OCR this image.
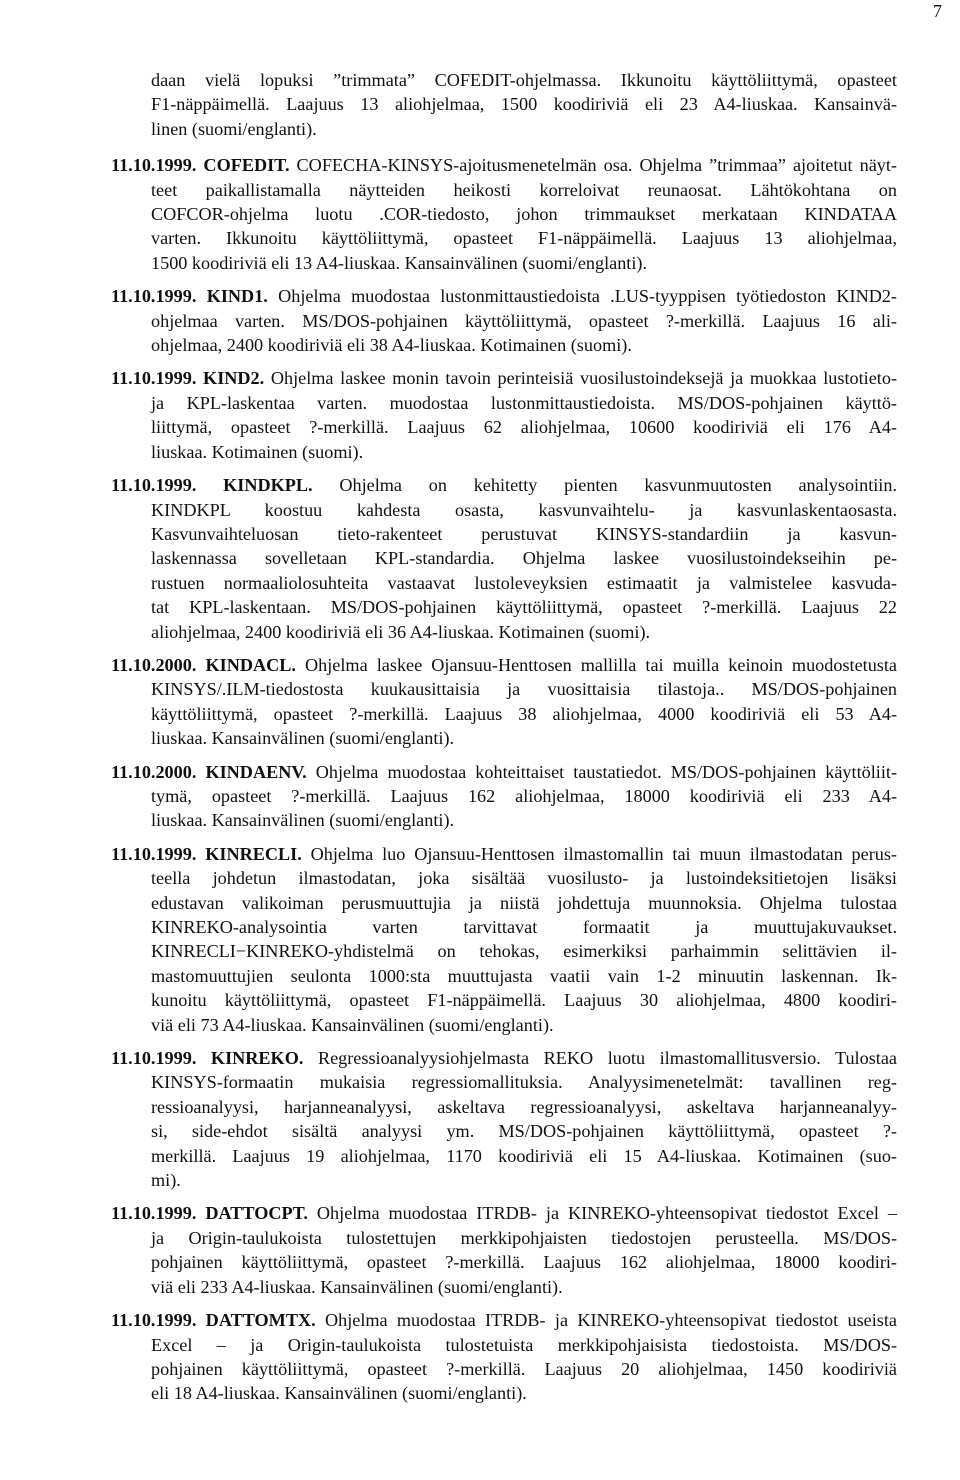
7
daan vielä lopuksi ”trimmata” COFEDIT-ohjelmassa. Ikkunoitu käyttöliittymä, opasteet
F1-näppäimellä. Laajuus 13 aliohjelmaa, 1500 koodiriviä eli 23 A4-liuskaa. Kansainvä-
linen (suomi/englanti).
11.10.1999. COFEDIT. COFECHA-KINSYS-ajoitusmenetelmän osa. Ohjelma ”trimmaa” ajoitetut näyt-
teet paikallistamalla näytteiden heikosti korreloivat reunaosat. Lähtökohtana on
COFCOR-ohjelma luotu .COR-tiedosto, johon trimmaukset merkataan KINDATAA
varten. Ikkunoitu käyttöliittymä, opasteet F1-näppäimellä. Laajuus 13 aliohjelmaa,
1500 koodiriviä eli 13 A4-liuskaa. Kansainvälinen (suomi/englanti).
11.10.1999. KIND1. Ohjelma muodostaa lustonmittaustiedoista .LUS-tyyppisen työtiedoston KIND2-
ohjelmaa varten. MS/DOS-pohjainen käyttöliittymä, opasteet ?-merkillä. Laajuus 16 ali-
ohjelmaa, 2400 koodiriviä eli 38 A4-liuskaa. Kotimainen (suomi).
11.10.1999. KIND2. Ohjelma laskee monin tavoin perinteisiä vuosilustoindeksejä ja muokkaa lustotieto-
ja KPL-laskentaa varten. muodostaa lustonmittaustiedoista. MS/DOS-pohjainen käyttö-
liittymä, opasteet ?-merkillä. Laajuus 62 aliohjelmaa, 10600 koodiriviä eli 176 A4-
liuskaa. Kotimainen (suomi).
11.10.1999. KINDKPL. Ohjelma on kehitetty pienten kasvunmuutosten analysointiin.
KINDKPL koostuu kahdesta osasta, kasvunvaihtelu- ja kasvunlaskentaosasta.
Kasvunvaihteluosan tieto-rakenteet perustuvat KINSYS-standardiin ja kasvun-
laskennassa sovelletaan KPL-standardia. Ohjelma laskee vuosilustoindekseihin pe-
rustuen normaaliolosuhteita vastaavat lustoleveyksien estimaatit ja valmistelee kasvuda-
tat KPL-laskentaan. MS/DOS-pohjainen käyttöliittymä, opasteet ?-merkillä. Laajuus 22
aliohjelmaa, 2400 koodiriviä eli 36 A4-liuskaa. Kotimainen (suomi).
11.10.2000. KINDACL. Ohjelma laskee Ojansuu-Henttosen mallilla tai muilla keinoin muodostetusta
KINSYS/.ILM-tiedostosta kuukausittaisia ja vuosittaisia tilastoja.. MS/DOS-pohjainen
käyttöliittymä, opasteet ?-merkillä. Laajuus 38 aliohjelmaa, 4000 koodiriviä eli 53 A4-
liuskaa. Kansainvälinen (suomi/englanti).
11.10.2000. KINDAENV. Ohjelma muodostaa kohteittaiset taustatiedot. MS/DOS-pohjainen käyttöliit-
tymä, opasteet ?-merkillä. Laajuus 162 aliohjelmaa, 18000 koodiriviä eli 233 A4-
liuskaa. Kansainvälinen (suomi/englanti).
11.10.1999. KINRECLI. Ohjelma luo Ojansuu-Henttosen ilmastomallin tai muun ilmastodatan perus-
teella johdetun ilmastodatan, joka sisältää vuosilusto- ja lustoindeksitietojen lisäksi
edustavan valikoiman perusmuuttujia ja niistä johdettuja muunnoksia. Ohjelma tulostaa
KINREKO-analysointia varten tarvittavat formaatit ja muuttujakuvaukset.
KINRECLI−KINREKO-yhdistelmä on tehokas, esimerkiksi parhaimmin selittävien il-
mastomuuttujien seulonta 1000:sta muuttujasta vaatii vain 1-2 minuutin laskennan. Ik-
kunoitu käyttöliittymä, opasteet F1-näppäimellä. Laajuus 30 aliohjelmaa, 4800 koodiri-
viä eli 73 A4-liuskaa. Kansainvälinen (suomi/englanti).
11.10.1999. KINREKO. Regressioanalyysiohjelmasta REKO luotu ilmastomallitusversio. Tulostaa
KINSYS-formaatin mukaisia regressiomallituksia. Analyysimenetelmät: tavallinen reg-
ressioanalyysi, harjanneanalyysi, askeltava regressioanalyysi, askeltava harjanneanalyy-
si, side-ehdot sisältä analyysi ym. MS/DOS-pohjainen käyttöliittymä, opasteet ?-
merkillä. Laajuus 19 aliohjelmaa, 1170 koodiriviä eli 15 A4-liuskaa. Kotimainen (suo-
mi).
11.10.1999. DATTOCPT. Ohjelma muodostaa ITRDB- ja KINREKO-yhteensopivat tiedostot Excel –
ja Origin-taulukoista tulostettujen merkkipohjaisten tiedostojen perusteella. MS/DOS-
pohjainen käyttöliittymä, opasteet ?-merkillä. Laajuus 162 aliohjelmaa, 18000 koodiri-
viä eli 233 A4-liuskaa. Kansainvälinen (suomi/englanti).
11.10.1999. DATTOMTX. Ohjelma muodostaa ITRDB- ja KINREKO-yhteensopivat tiedostot useista
Excel – ja Origin-taulukoista tulostetuista merkkipohjaisista tiedostoista. MS/DOS-
pohjainen käyttöliittymä, opasteet ?-merkillä. Laajuus 20 aliohjelmaa, 1450 koodiriviä
eli 18 A4-liuskaa. Kansainvälinen (suomi/englanti).
